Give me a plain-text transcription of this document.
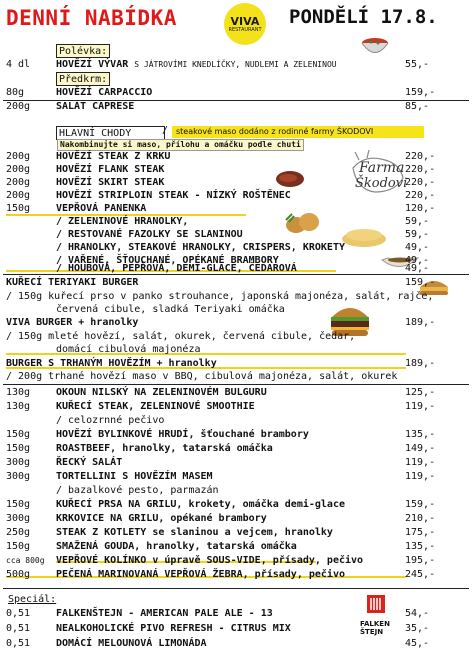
DENNÍ NABÍDKA	VIVA
RESTAURANT
PONDĚLÍ 17.8.
Polévka:
Předkrm:
HLAVNÍ CHODY	/ steakové maso dodáno z rodinné farmy ŠKODOVI
Nakombinujte si maso, přílohu a omáčku podle chuti
Speciál:
Farma
Škodovi
FALKEN
ŠTEJN
4 dl	HOVĚZÍ VÝVAR S JÁTROVÍMI KNEDLÍČKY, NUDLEMI A ZELENINOU	55,-
80g	HOVĚZÍ CARPACCIO	159,-
200g	SALÁT CAPRESE	85,-
200g	HOVĚZÍ STEAK Z KRKU	220,-
200g	HOVĚZÍ FLANK STEAK	220,-
200g	HOVĚZÍ SKIRT STEAK	220,-
200g	HOVĚZÍ STRIPLOIN STEAK - NÍZKÝ ROŠTĚNEC	220,-
150g	VEPŘOVÁ PANENKA	120,-
/ ZELENINOVÉ HRANOLKY,	59,-
/ RESTOVANÉ FAZOLKY SE SLANINOU	59,-
/ HRANOLKY, STEAKOVÉ HRANOLKY, CRISPERS, KROKETY	49,-
/ VAŘENÉ, ŠŤOUCHANÉ, OPÉKANÉ BRAMBORY	49,-
/ HOUBOVÁ, PEPŘOVÁ, DEMI-GLACE, ČEDAROVÁ	49,-
KUŘECÍ TERIYAKI BURGER	159,-
/ 150g kuřecí prso v panko strouhance, japonská majonéza, salát, rajče,
červená cibule, sladká Teriyaki omáčka
VIVA BURGER + hranolky	189,-
/ 150g mleté hovězí, salát, okurek, červená cibule, čedar,
domácí cibulová majonéza
BURGER S TRHANÝM HOVĚZÍM + hranolky	189,-
/ 200g trhané hovězí maso v BBQ, cibulová majonéza, salát, okurek
130g	OKOUN NILSKÝ NA ZELENINOVÉM BULGURU	125,-
130g	KUŘECÍ STEAK, ZELENINOVÉ SMOOTHIE	119,-
/ celozrnné pečivo
150g	HOVĚZÍ BYLINKOVÉ HRUDÍ, šťouchané brambory	135,-
150g	ROASTBEEF, hranolky, tatarská omáčka	149,-
300g	ŘECKÝ SALÁT	119,-
300g	TORTELLINI S HOVĚZÍM MASEM	119,-
/ bazalkové pesto, parmazán
150g	KUŘECÍ PRSA NA GRILU, krokety, omáčka demi-glace	159,-
300g	KRKOVICE NA GRILU, opékané brambory	210,-
250g	STEAK Z KOTLETY se slaninou a vejcem, hranolky	175,-
150g	SMAŽENÁ GOUDA, hranolky, tatarská omáčka	135,-
cca 800g VEPŘOVÉ KOLÍNKO v úpravě SOUS-VIDE, přísady, pečivo	195,-
500g	PEČENÁ MARINOVANÁ VEPŘOVÁ ŽEBRA, přísady, pečivo	245,-
0,51	FALKENŠTEJN - AMERICAN PALE ALE - 13	54,-
0,51	NEALKOHOLICKÉ PIVO REFRESH - CITRUS MIX	35,-
0,51	DOMÁCÍ MELOUNOVÁ LIMONÁDA	45,-
